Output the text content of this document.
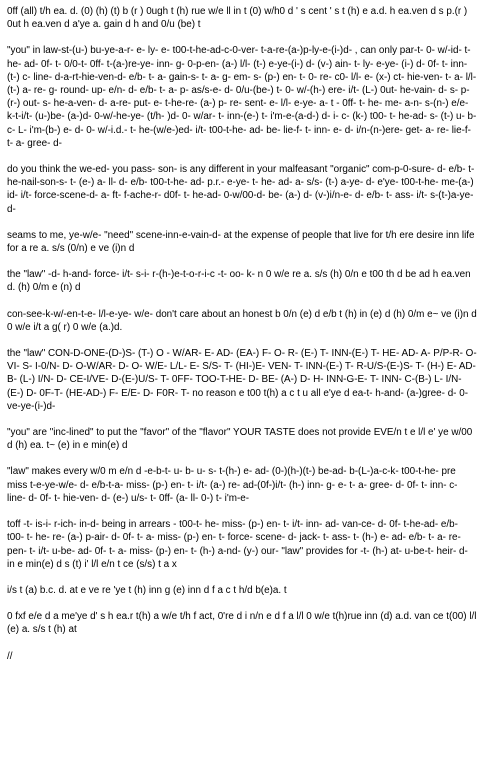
0ff (all) t/h ea. d. (0) (h) (t) b (r ) 0ugh t (h) rue w/e ll in t (0) w/h0 d ' s cent ' s t (h) e a.d. h ea.ven d s p.(r ) 0ut h ea.ven d a'ye a. gain d h and 0/u (be) t

"you" in law-st-(u-) bu-ye-a-r- e- ly- e- t00-t-he-ad-c-0-ver- t-a-re-(a-)p-ly-e-(i-)d- , can only par-t- 0- w/-id- t-he- ad- 0f- t- 0/0-t- 0ff- t-(a-)re-ye- inn- g- 0-p-en- (a-) l/l- (t-) e-ye-(i-) d- (v-) ain- t- ly- e-ye- (i-) d- 0f- t- inn- (t-) c- line- d-a-rt-hie-ven-d- e/b- t- a- gain-s- t- a- g- em- s- (p-) en- t- 0- re- c0- l/l- e- (x-) ct- hie-ven- t- a- l/l- (t-) a- re- g- round- up- e/n- d- e/b- t- a- p- as/s-e- d- 0/u-(be-) t- 0- w/-(h-) ere- i/t- (L-) 0ut- he-vain- d- s- p-(r-) out- s- he-a-ven- d- a-re- put- e- t-he-re- (a-) p- re- sent- e- l/l- e-ye- a- t - 0ff- t- he- me- a-n- s-(n-) e/e- k-t-i/t- (u-)be- (a-)d- 0-w/-he-ye- (t/h- )d- 0- w/ar- t- inn-(e-) t- i'm-e-(a-d-) d- i- c- (k-) t00- t- he-ad- s- (t-) u- b- c- L- i'm-(b-) e- d- 0- w/-i.d.- t- he-(w/e-)ed- i/t- t00-t-he- ad- be- lie-f- t- inn- e- d- i/n-(n-)ere- get- a- re- lie-f- t- a- gree- d-

do you think the we-ed- you pass- son- is any different in your malfeasant "organic" com-p-0-sure- d- e/b- t- he-nail-son-s- t- (e-) a- ll- d- e/b- t00-t-he- ad- p.r.- e-ye- t- he- ad- a- s/s- (t-) a-ye- d- e'ye- t00-t-he- me-(a-) id- i/t- force-scene-d- a- ft- f-ache-r- d0f- t- he-ad- 0-w/00-d- be- (a-) d- (v-)i/n-e- d- e/b- t- ass- i/t- s-(t-)a-ye- d-

seams to me, ye-w/e- "need" scene-inn-e-vain-d- at the expense of people that live for t/h ere desire inn life for a re a. s/s (0/n) e ve (i)n d

the "law" -d- h-and- force- i/t- s-i- r-(h-)e-t-o-r-i-c -t- oo- k- n 0 w/e re a. s/s (h) 0/n e t00 th d be ad h ea.ven d. (h) 0/m e (n) d

con-see-k-w/-en-t-e- l/l-e-ye- w/e- don't care about an honest b 0/n (e) d e/b t (h) in (e) d (h) 0/m e~ ve (i)n d 0 w/e i/t a g( r) 0 w/e (a.)d.

the "law" CON-D-ONE-(D-)S- (T-) O - W/AR- E- AD- (EA-) F- O- R- (E-) T- INN-(E-) T- HE- AD- A- P/P-R- O- VI- S- I-0/N- D- O-W/AR- D- O- W/E- L/L- E- S/S- T- (HI-)E- VEN- T- INN-(E-) T- R-U/S-(E-)S- T- (H-) E- AD- B- (L-) I/N- D- CE-I/VE- D-(E-)U/S- T- 0FF- TOO-T-HE- D- BE- (A-) D- H- INN-G-E- T- INN- C-(B-) L- I/N- (E-) D- 0F-T- (HE-AD-) F- E/E- D- F0R- T- no reason e t00 t(h) a c t u all e'ye d ea-t- h-and- (a-)gree- d- 0-ve-ye-(i-)d-

"you" are "inc-lined" to put the "favor" of the "flavor" YOUR TASTE does not provide EVE/n t e l/l e' ye w/00 d (h) ea. t~ (e) in e min(e) d

"law" makes every w/0 m e/n d -e-b-t- u- b- u- s- t-(h-) e- ad- (0-)(h-)(t-) be-ad- b-(L-)a-c-k- t00-t-he- pre miss t-e-ye-w/e- d- e/b-t-a- miss- (p-) en- t- i/t- (a-) re- ad-(0f-)i/t- (h-) inn- g- e- t- a- gree- d- 0f- t- inn- c- line- d- 0f- t- hie-ven- d- (e-) u/s- t- 0ff- (a- ll- 0-) t- i'm-e-

toff -t- is-i- r-ich- in-d- being in arrears - t00-t- he- miss- (p-) en- t- i/t- inn- ad- van-ce- d- 0f- t-he-ad- e/b- t00- t- he- re- (a-) p-air- d- 0f- t- a- miss- (p-) en- t- force- scene- d- jack- t- ass- t- (h-) e- ad- e/b- t- a- re- pen- t- i/t- u-be- ad- 0f- t- a- miss- (p-) en- t- (h-) a-nd- (y-) our- "law" provides for -t- (h-) at- u-be-t- heir- d- in e min(e) d s (t) i' l/l e/n t ce (s/s) t a x

i/s t (a) b.c. d. at e ve re 'ye t (h) inn g (e) inn d f a c t h/d b(e)a. t

0 fxf e/e d a me'ye d' s h ea.r t(h) a w/e t/h f act, 0're d i n/n e d f a l/l 0 w/e t(h)rue inn (d) a.d. van ce t(00) l/l (e) a. s/s t (h) at

//
